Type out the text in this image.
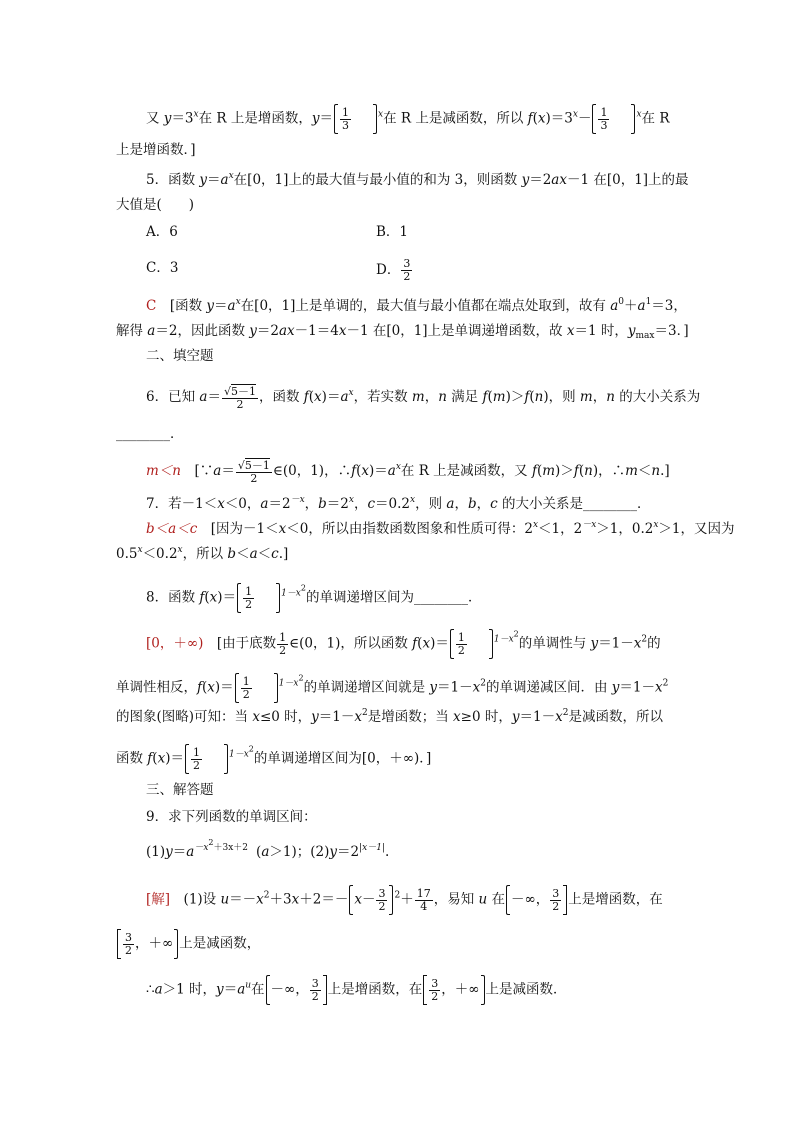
又 $y=3^x$在 R 上是增函数，$y= \frac{1}{3}$	$^x$在 R 上是减函数，所以 $f(x)=3^x- \frac{1}{3}$	$^x$在 R
上是增函数．]
5．函数 $y=a^x$在[0，1]上的最大值与最小值的和为 3，则函数 y＝2ax－1 在[0，1]上的最
大值是(　　)
A．6	B．1
C．3	D． $\frac{3}{2}$
C　[函数 $y=a^x$在[0，1]上是单调的，最大值与最小值都在端点处取到，故有 $a^0+a^1=3$，
解得 a＝2，因此函数 y＝2ax－1＝4x－1 在[0，1]上是单调递增函数，故 x＝1 时，$y_{max}=3$．]
二、填空题
6．已知 $a= \frac{√5-1}{2}$ ，函数 $f(x)=a^x$，若实数 m，n 满足 f(m)＞f(n)，则 m，n 的大小关系为
________．
m＜n　[∵a＝ $\frac{√5-1}{2}$ ∈(0，1)，$\therefore f(x)=a^x$在 R 上是减函数，又 f(m)＞f(n)，∴m＜n.]
7．若－1＜x＜0，$a=2^{-x}$，$b=2^x$，$c=0.2^x$，则 a，b，c 的大小关系是________．
b＜a＜c　[因为－1＜x＜0，所以由指数函数图象和性质可得：$2^x<1$，$2^{-x}>1$，$0.2^x>1$，又因为
$0.5^x<0.2^x$，所以 b＜a＜c.]
8．函数 $f(x)= \frac{1}{2}$	$^{1-x2}$的单调递增区间为________．
[0，＋∞)　[由于底数 $\frac{1}{2}$ ∈(0，1)，所以函数 $f(x)= \frac{1}{2}$	$^{1-x2}$的单调性与 $y=1-x^2$的
单调性相反，$f(x)= \frac{1}{2}$	$^{1-x2}$的单调递增区间就是 $y=1-x^2$的单调递减区间．由 $y=1-x^2$
的图象(图略)可知：当 x≤0 时，$y=1-x^2$是增函数；当 x≥0 时，$y=1-x^2$是减函数，所以
函数 $f(x)= \frac{1}{2}$	$^{1-x2}$的单调递增区间为[0，＋∞)．]
三、解答题
9．求下列函数的单调区间：
$(1)y=a^{-x2+3x+2}$ (a＞1)；$(2)y=2^{|x-1|}$.
[解]　(1)设 $u=-x^2+3x+2=- x- \frac{3}{2} ^2+ \frac{17}{4}$ ，易知 u 在 －∞， $\frac{3}{2}$ 上是增函数，在
$\frac{3}{2}$ ，＋∞ 上是减函数，
∴a＞1 时，$y=a^u$在 －∞， $\frac{3}{2}$ 上是增函数，在 $\frac{3}{2}$ ，＋∞ 上是减函数．
